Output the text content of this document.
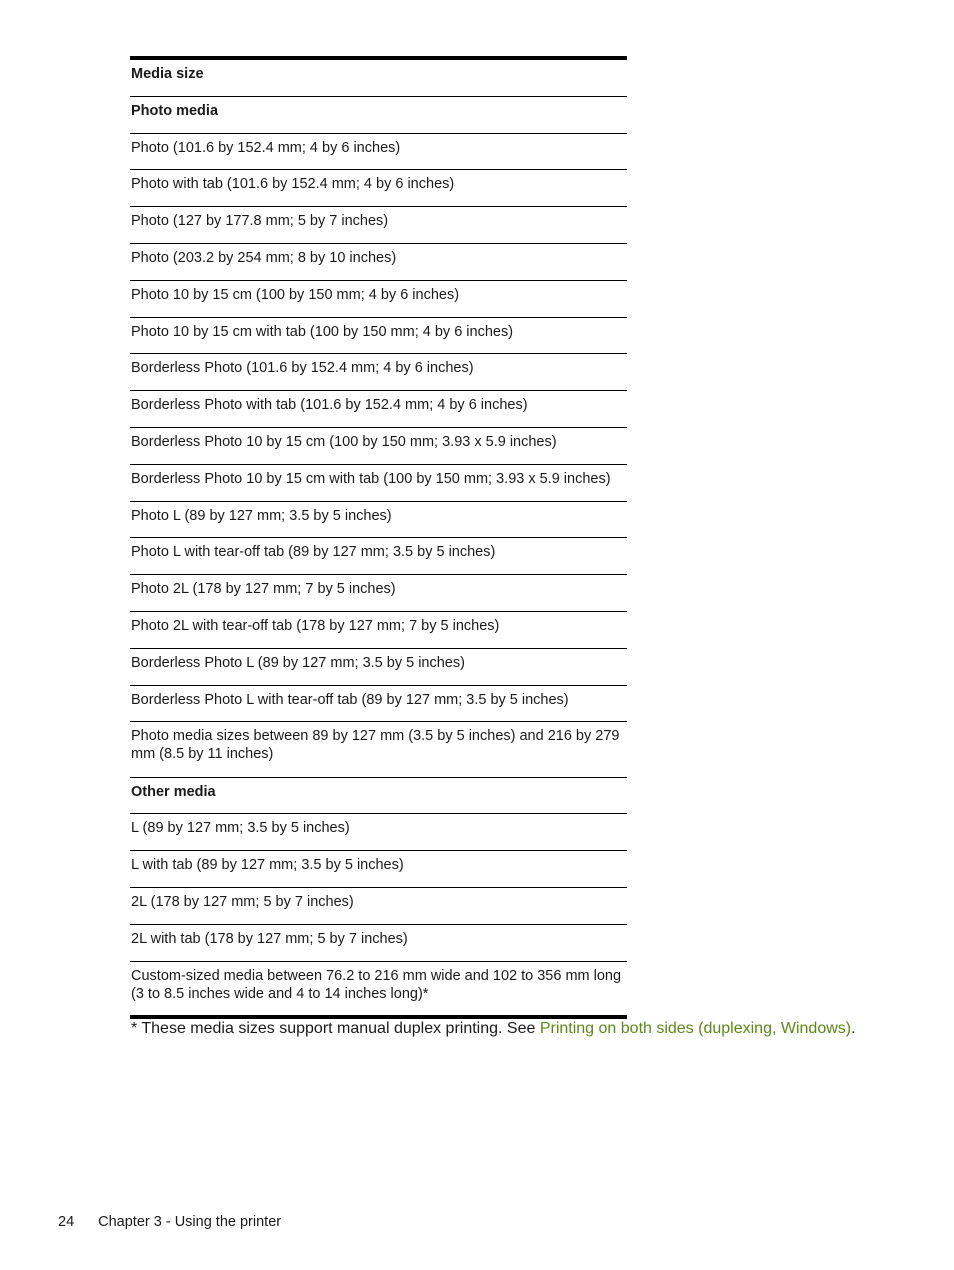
Media size
Photo media
Photo (101.6 by 152.4 mm; 4 by 6 inches)
Photo with tab (101.6 by 152.4 mm; 4 by 6 inches)
Photo (127 by 177.8 mm; 5 by 7 inches)
Photo (203.2 by 254 mm; 8 by 10 inches)
Photo 10 by 15 cm (100 by 150 mm; 4 by 6 inches)
Photo 10 by 15 cm with tab (100 by 150 mm; 4 by 6 inches)
Borderless Photo (101.6 by 152.4 mm; 4 by 6 inches)
Borderless Photo with tab (101.6 by 152.4 mm; 4 by 6 inches)
Borderless Photo 10 by 15 cm (100 by 150 mm; 3.93 x 5.9 inches)
Borderless Photo 10 by 15 cm with tab (100 by 150 mm; 3.93 x 5.9 inches)
Photo L (89 by 127 mm; 3.5 by 5 inches)
Photo L with tear-off tab (89 by 127 mm; 3.5 by 5 inches)
Photo 2L (178 by 127 mm; 7 by 5 inches)
Photo 2L with tear-off tab (178 by 127 mm; 7 by 5 inches)
Borderless Photo L (89 by 127 mm; 3.5 by 5 inches)
Borderless Photo L with tear-off tab (89 by 127 mm; 3.5 by 5 inches)
Photo media sizes between 89 by 127 mm (3.5 by 5 inches) and 216 by 279 mm (8.5 by 11 inches)
Other media
L (89 by 127 mm; 3.5 by 5 inches)
L with tab (89 by 127 mm; 3.5 by 5 inches)
2L (178 by 127 mm; 5 by 7 inches)
2L with tab (178 by 127 mm; 5 by 7 inches)
Custom-sized media between 76.2 to 216 mm wide and 102 to 356 mm long (3 to 8.5 inches wide and 4 to 14 inches long)*
* These media sizes support manual duplex printing. See Printing on both sides (duplexing, Windows).
24 Chapter 3 - Using the printer
